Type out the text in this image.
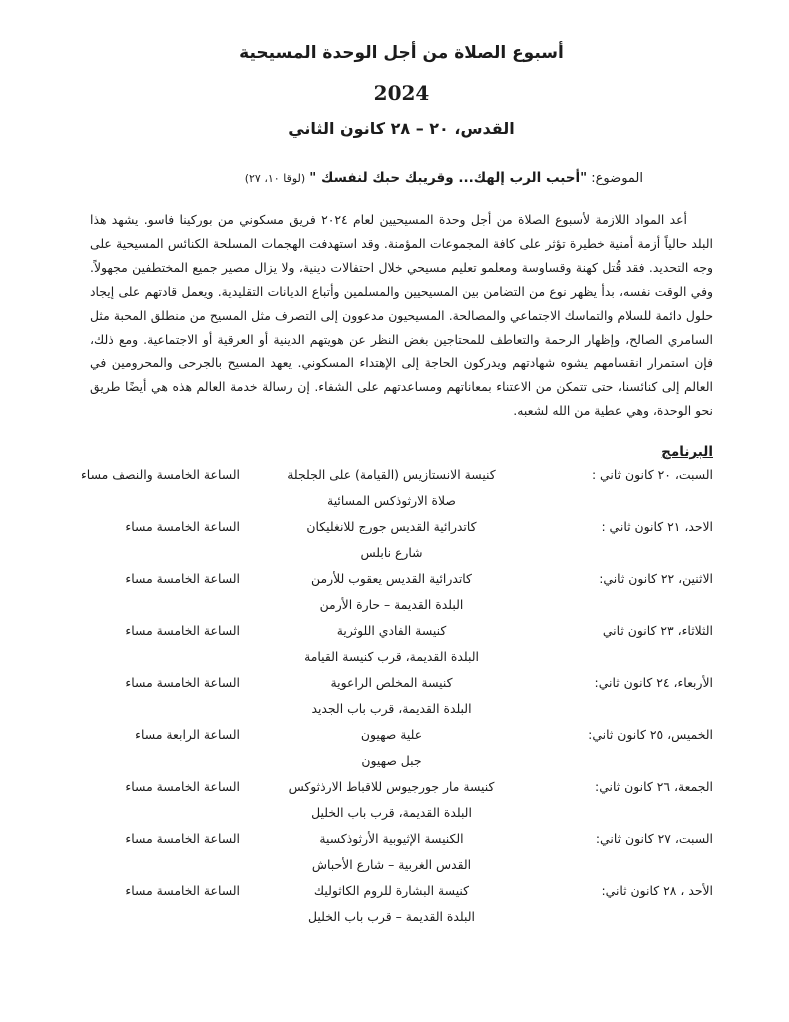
أسبوع الصلاة من أجل الوحدة المسيحية
2024
القدس، ٢٠ – ٢٨ كانون الثاني
الموضوع: "أحبب الرب إلهك... وقريبك حبك لنفسك " (لوقا ١٠، ٢٧)

أعد المواد اللازمة لأسبوع الصلاة من أجل وحدة المسيحيين لعام ٢٠٢٤ فريق مسكوني من بوركينا فاسو. يشهد هذا البلد حالياً أزمة أمنية خطيرة تؤثر على كافة المجموعات المؤمنة. وقد استهدفت الهجمات المسلحة الكنائس المسيحية على وجه التحديد. فقد قُتل كهنة وقساوسة ومعلمو تعليم مسيحي خلال احتفالات دينية، ولا يزال مصير جميع المختطفين مجهولاً. وفي الوقت نفسه، بدأ يظهر نوع من التضامن بين المسيحيين والمسلمين وأتباع الديانات التقليدية. ويعمل قادتهم على إيجاد حلول دائمة للسلام والتماسك الاجتماعي والمصالحة. المسيحيون مدعوون إلى التصرف مثل المسيح من منطلق المحبة مثل السامري الصالح، وإظهار الرحمة والتعاطف للمحتاجين بغض النظر عن هويتهم الدينية أو العرقية أو الاجتماعية. ومع ذلك، فإن استمرار انقسامهم يشوه شهادتهم ويدركون الحاجة إلى الإهتداء المسكوني. يعهد المسيح بالجرحى والمحرومين في العالم إلى كنائسنا، حتى تتمكن من الاعتناء بمعاناتهم ومساعدتهم على الشفاء. إن رسالة خدمة العالم هذه هي أيضًا طريق نحو الوحدة، وهي عطية من الله لشعبه.

البرنامج
السبت، ٢٠ كانون ثاني :
كنيسة الانستازيس (القيامة) على الجلجلة
الساعة الخامسة والنصف مساء
صلاة الارثوذكس المسائية
الاحد، ٢١ كانون ثاني :
كاتدرائية القديس جورج للانغليكان
الساعة الخامسة مساء
شارع نابلس
الاثنين، ٢٢ كانون ثاني:
كاتدرائية القديس يعقوب للأرمن
الساعة الخامسة مساء
البلدة القديمة – حارة الأرمن
الثلاثاء، ٢٣ كانون ثاني
كنيسة الفادي اللوثرية
الساعة الخامسة مساء
البلدة القديمة، قرب كنيسة القيامة
الأربعاء، ٢٤ كانون ثاني:
كنيسة المخلص الراعوية
الساعة الخامسة مساء
البلدة القديمة، قرب باب الجديد
الخميس، ٢٥ كانون ثاني:
علية صهيون
الساعة الرابعة مساء
جبل صهيون
الجمعة، ٢٦ كانون ثاني:
كنيسة مار جورجيوس للاقباط الارذثوكس
الساعة الخامسة مساء
البلدة القديمة، قرب باب الخليل
السبت، ٢٧ كانون ثاني:
الكنيسة الإثيوبية الأرثوذكسية
الساعة الخامسة مساء
القدس الغربية – شارع الأحباش
الأحد ، ٢٨ كانون ثاني:
كنيسة البشارة للروم الكاثوليك
الساعة الخامسة مساء
البلدة القديمة – قرب باب الخليل
